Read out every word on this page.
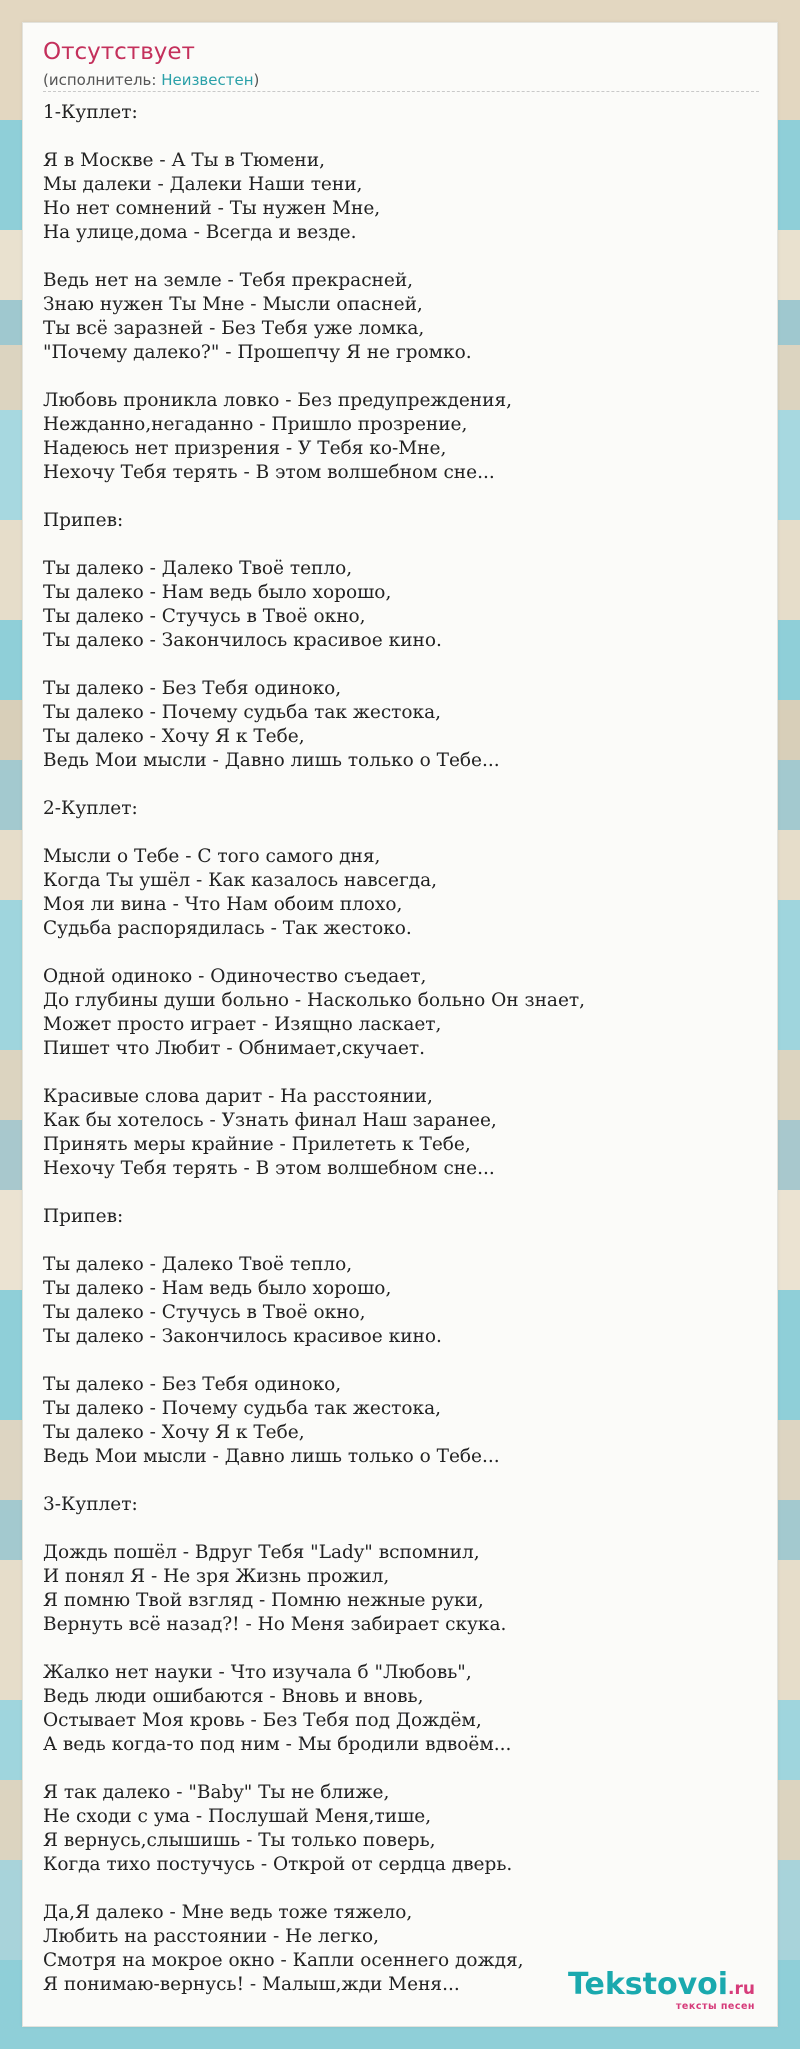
Отсутствует
(исполнитель: Неизвестен)
1-Куплет:
Я в Москве - А Ты в Тюмени,
Мы далеки - Далеки Наши тени,
Но нет сомнений - Ты нужен Мне,
На улице,дома - Всегда и везде.
Ведь нет на земле - Тебя прекрасней,
Знаю нужен Ты Мне - Мысли опасней,
Ты всё заразней - Без Тебя уже ломка,
"Почему далеко?" - Прошепчу Я не громко.
Любовь проникла ловко - Без предупреждения,
Нежданно,негаданно - Пришло прозрение,
Надеюсь нет призрения - У Тебя ко-Мне,
Нехочу Тебя терять - В этом волшебном сне...
Припев:
Ты далеко - Далеко Твоё тепло,
Ты далеко - Нам ведь было хорошо,
Ты далеко - Стучусь в Твоё окно,
Ты далеко - Закончилось красивое кино.
Ты далеко - Без Тебя одиноко,
Ты далеко - Почему судьба так жестока,
Ты далеко - Хочу Я к Тебе,
Ведь Мои мысли - Давно лишь только о Тебе...
2-Куплет:
Мысли о Тебе - С того самого дня,
Когда Ты ушёл - Как казалось навсегда,
Моя ли вина - Что Нам обоим плохо,
Судьба распорядилась - Так жестоко.
Одной одиноко - Одиночество съедает,
До глубины души больно - Насколько больно Он знает,
Может просто играет - Изящно ласкает,
Пишет что Любит - Обнимает,скучает.
Красивые слова дарит - На расстоянии,
Как бы хотелось - Узнать финал Наш заранее,
Принять меры крайние - Прилететь к Тебе,
Нехочу Тебя терять - В этом волшебном сне...
Припев:
Ты далеко - Далеко Твоё тепло,
Ты далеко - Нам ведь было хорошо,
Ты далеко - Стучусь в Твоё окно,
Ты далеко - Закончилось красивое кино.
Ты далеко - Без Тебя одиноко,
Ты далеко - Почему судьба так жестока,
Ты далеко - Хочу Я к Тебе,
Ведь Мои мысли - Давно лишь только о Тебе...
3-Куплет:
Дождь пошёл - Вдруг Тебя "Lady" вспомнил,
И понял Я - Не зря Жизнь прожил,
Я помню Твой взгляд - Помню нежные руки,
Вернуть всё назад?! - Но Меня забирает скука.
Жалко нет науки - Что изучала б "Любовь",
Ведь люди ошибаются - Вновь и вновь,
Остывает Моя кровь - Без Тебя под Дождём,
А ведь когда-то под ним - Мы бродили вдвоём...
Я так далеко - "Baby" Ты не ближе,
Не сходи с ума - Послушай Меня,тише,
Я вернусь,слышишь - Ты только поверь,
Когда тихо постучусь - Открой от сердца дверь.
Да,Я далеко - Мне ведь тоже тяжело,
Любить на расстоянии - Не легко,
Смотря на мокрое окно - Капли осеннего дождя,
Я понимаю-вернусь! - Малыш,жди Меня...	Tekstovoi.ru
тексты песен
